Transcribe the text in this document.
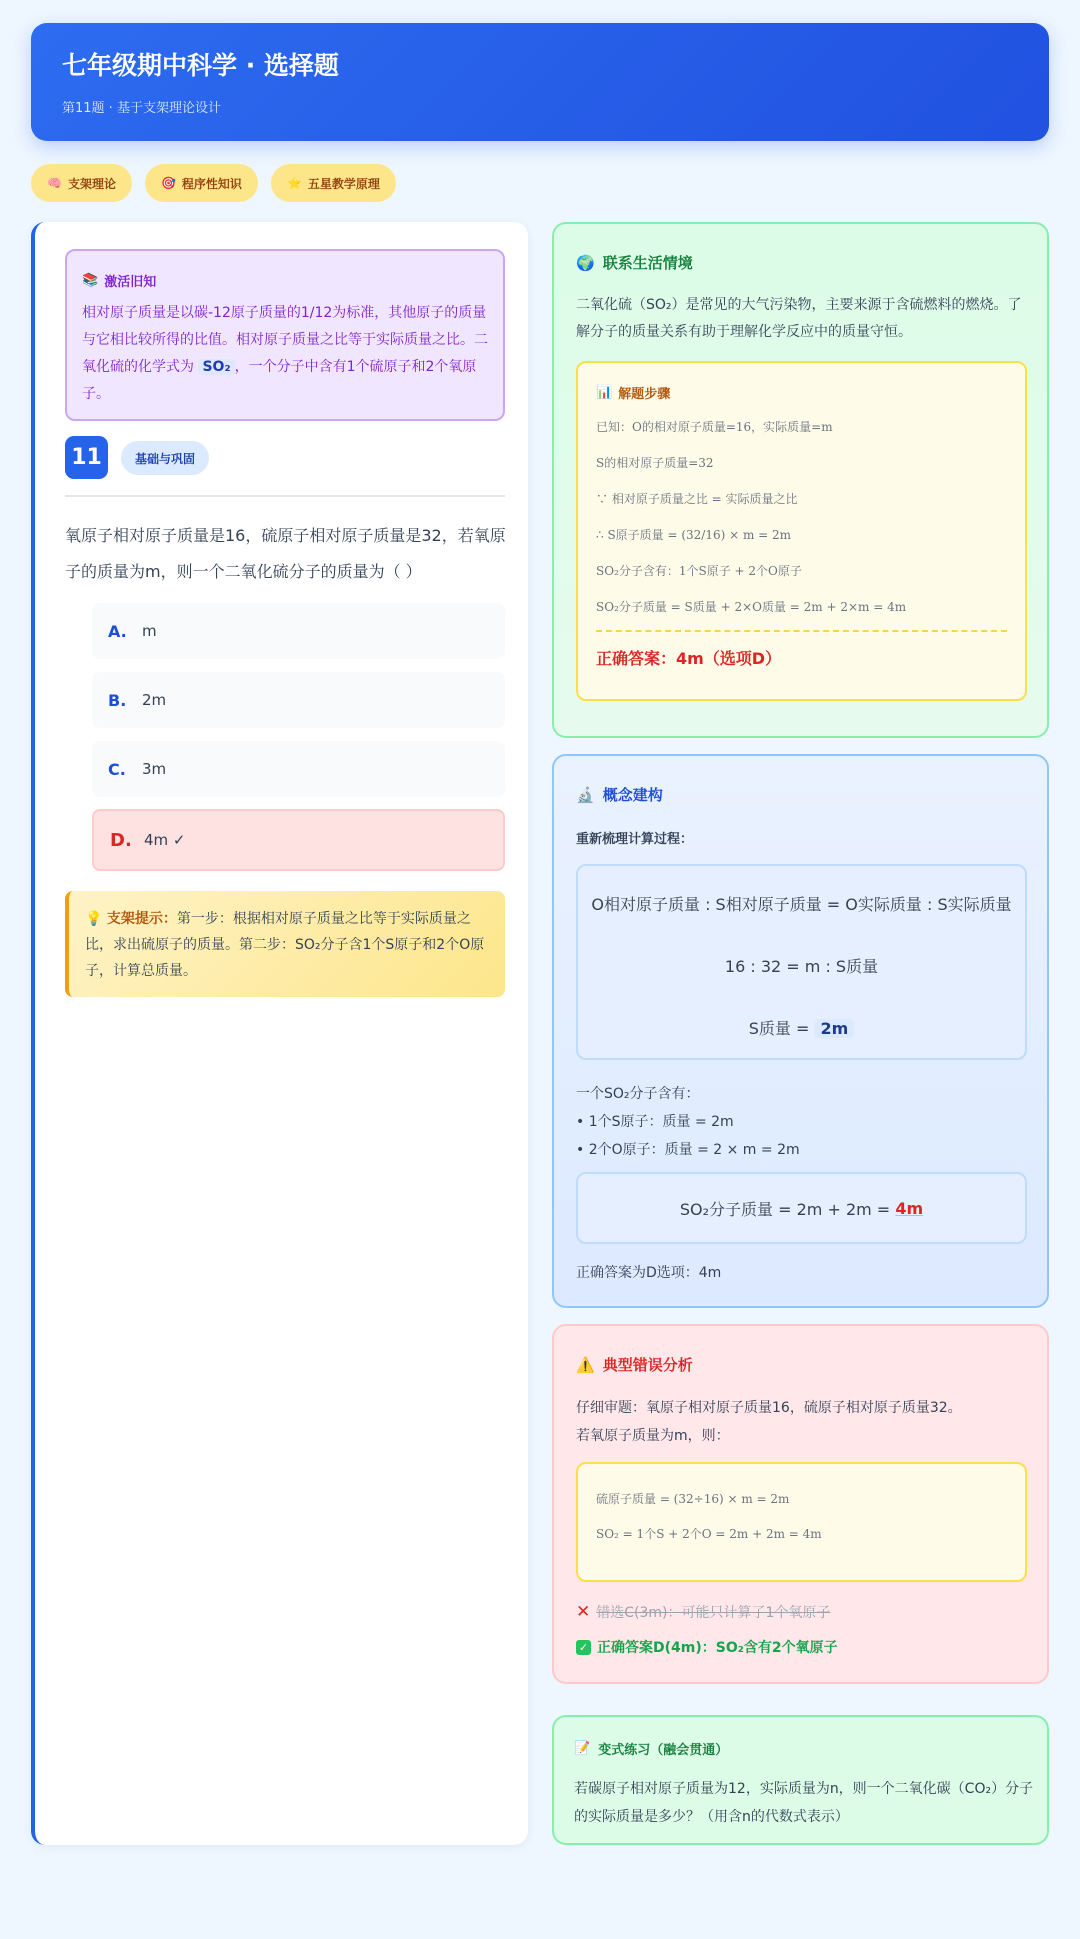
七年级期中科学 · 选择题
第11题 · 基于支架理论设计
🧠 支架理论	🎯 程序性知识	⭐ 五星教学原理
📚 激活旧知
相对原子质量是以碳-12原子质量的1/12为标准，其他原子的质量与它相比较所得的比值。相对原子质量之比等于实际质量之比。二氧化硫的化学式为 SO₂ ，一个分子中含有1个硫原子和2个氧原子。
11	基础与巩固
氧原子相对原子质量是16，硫原子相对原子质量是32，若氧原子的质量为m，则一个二氧化硫分子的质量为（ ）
A.	m
B.	2m
C.	3m
D. 4m ✓
💡 支架提示：第一步：根据相对原子质量之比等于实际质量之比，求出硫原子的质量。第二步：SO₂分子含1个S原子和2个O原子，计算总质量。
🌍 联系生活情境
二氧化硫（SO₂）是常见的大气污染物，主要来源于含硫燃料的燃烧。了解分子的质量关系有助于理解化学反应中的质量守恒。
📊 解题步骤
已知：O的相对原子质量=16，实际质量=m
S的相对原子质量=32
∵ 相对原子质量之比 = 实际质量之比
∴ S原子质量 = (32/16) × m = 2m
SO₂分子含有：1个S原子 + 2个O原子
SO₂分子质量 = S质量 + 2×O质量 = 2m + 2×m = 4m
正确答案：4m（选项D）
🔬 概念建构
重新梳理计算过程：
O相对原子质量 : S相对原子质量 = O实际质量 : S实际质量
16 : 32 = m : S质量
S质量 = 2m
一个SO₂分子含有：
• 1个S原子：质量 = 2m
• 2个O原子：质量 = 2 × m = 2m
SO₂分子质量 = 2m + 2m =
4m
正确答案为D选项：4m
⚠️ 典型错误分析
仔细审题：氧原子相对原子质量16，硫原子相对原子质量32。
若氧原子质量为m，则：
硫原子质量 = (32÷16) × m = 2m
SO₂ = 1个S + 2个O = 2m + 2m = 4m
✕ 错选C(3m)：可能只计算了1个氧原子
✓ 正确答案D(4m)：SO₂含有2个氧原子
📝 变式练习（融会贯通）
若碳原子相对原子质量为12，实际质量为n，则一个二氧化碳（CO₂）分子的实际质量是多少？（用含n的代数式表示）
